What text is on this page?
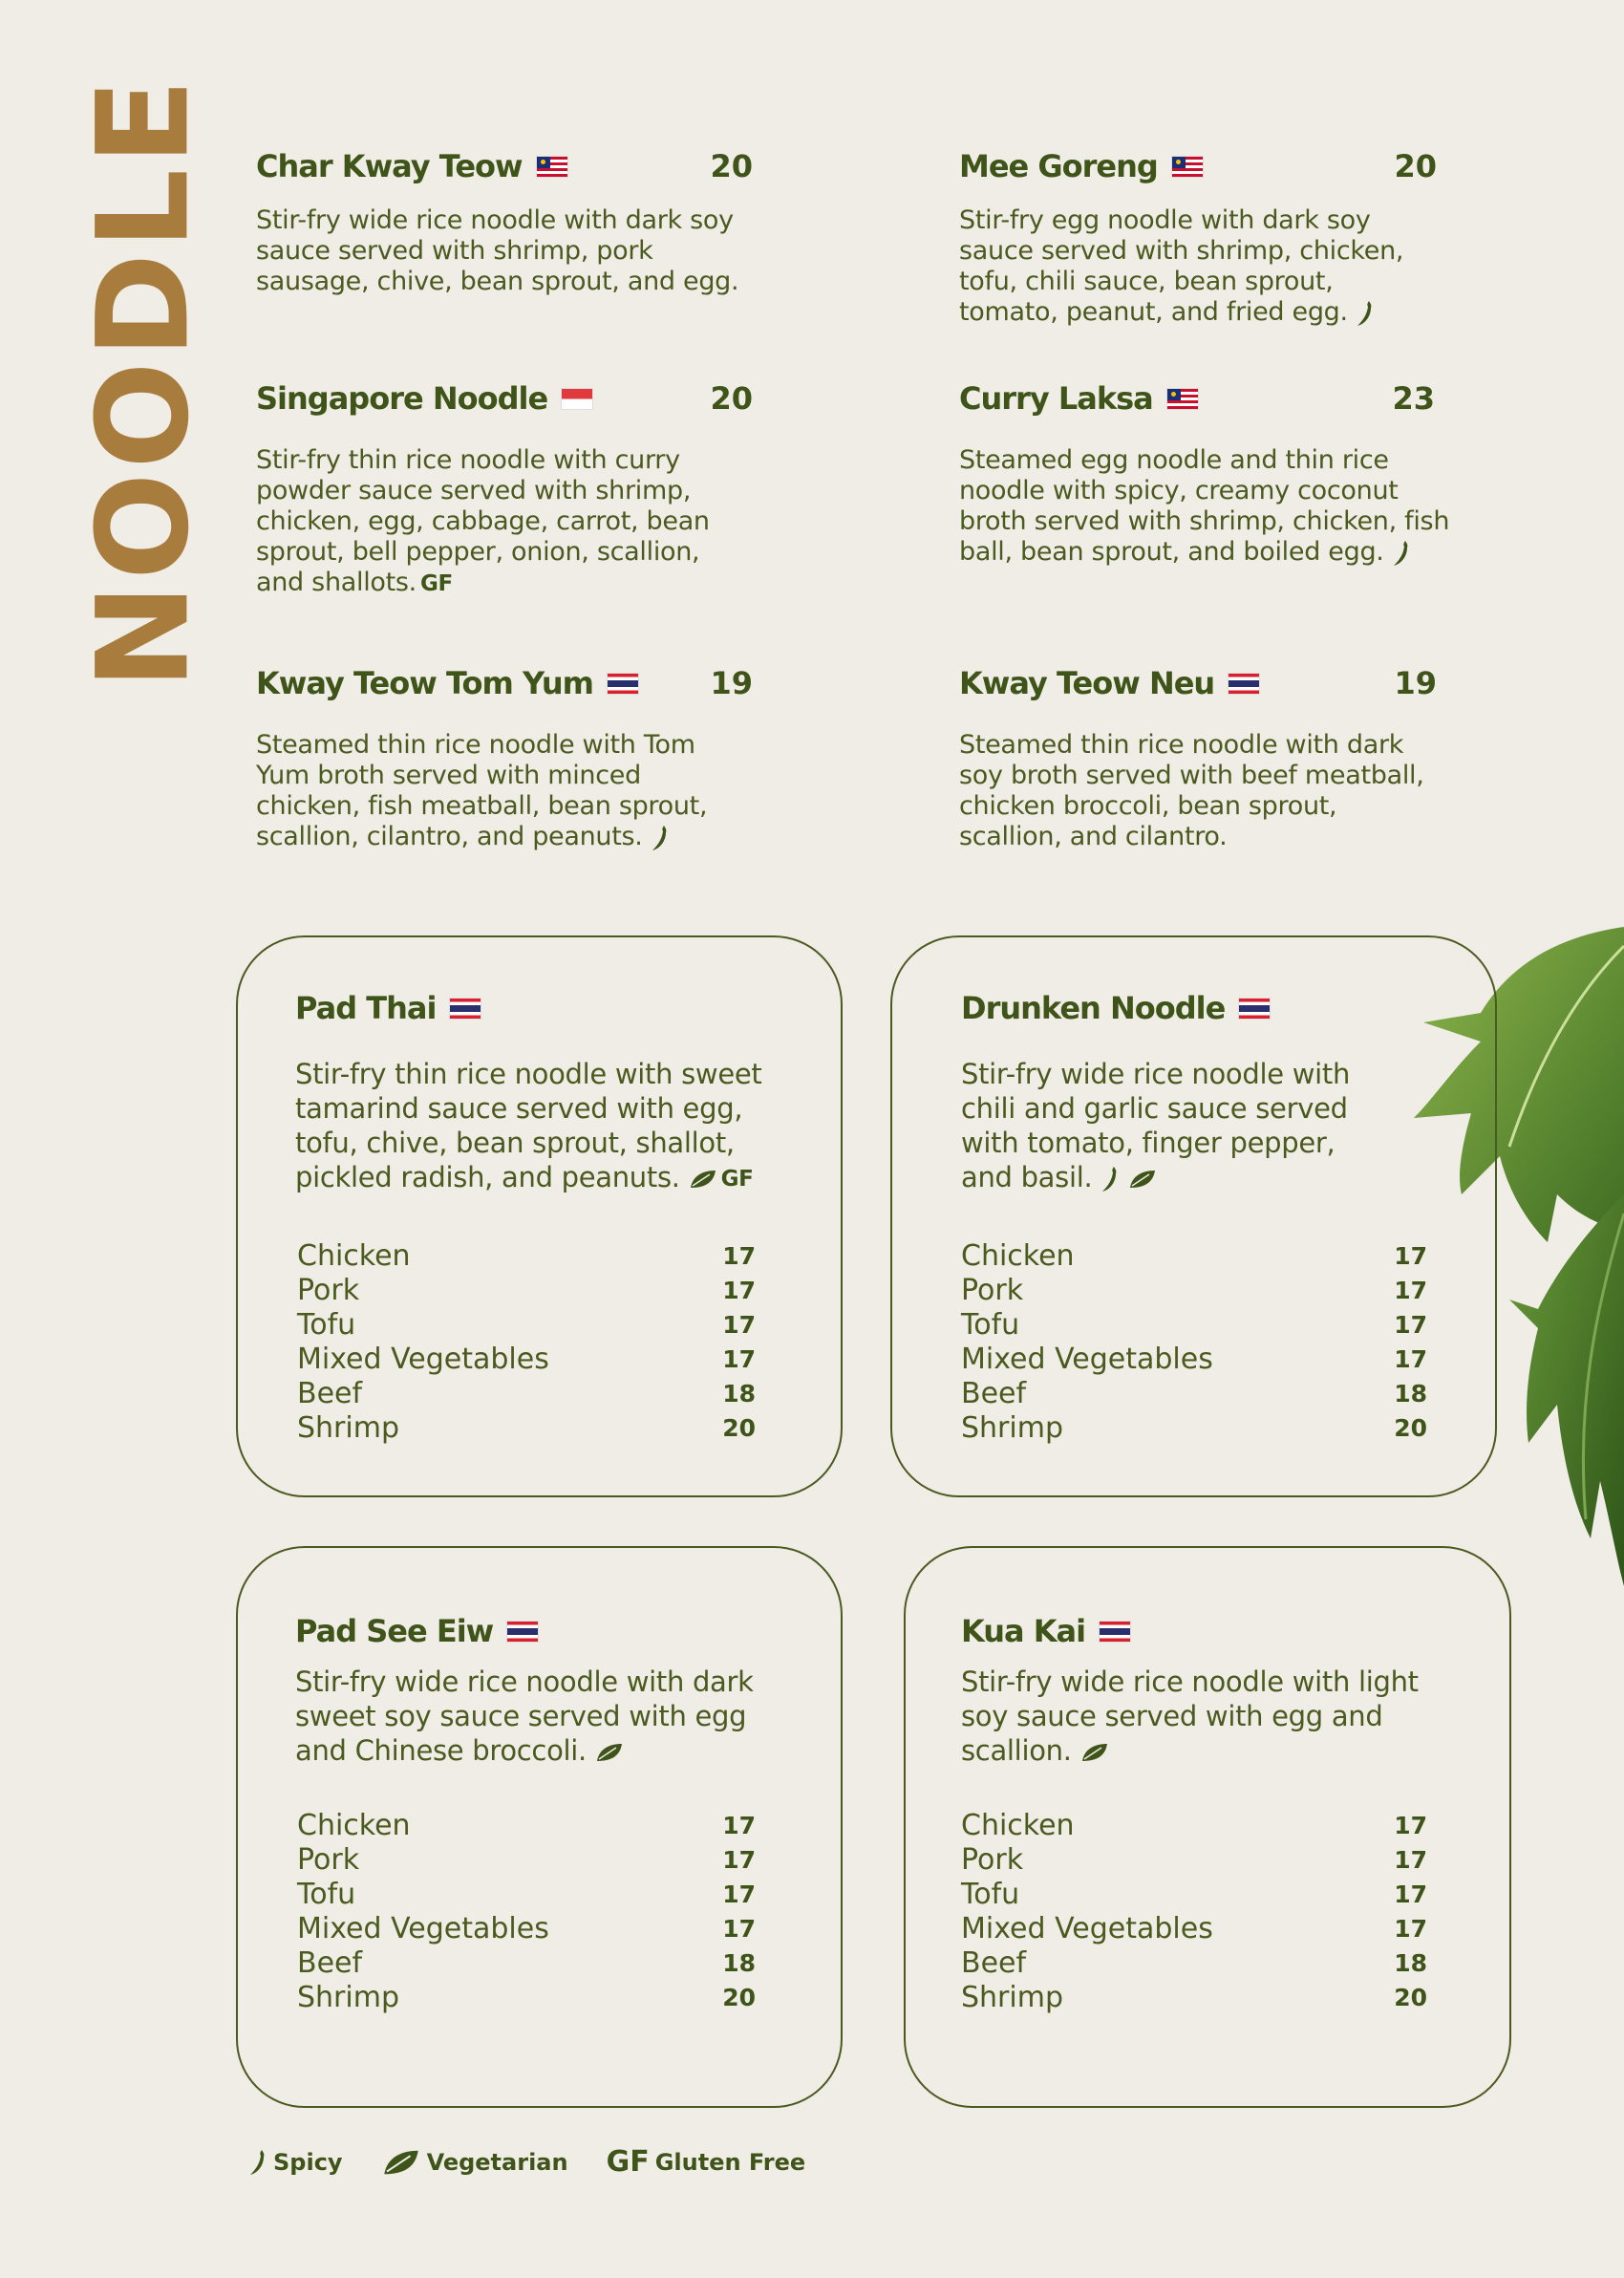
NOODLE Char Kway Teow	20
Stir-fry wide rice noodle with dark soy sauce served with shrimp, pork sausage, chive, bean sprout, and egg.
Mee Goreng	20
Stir-fry egg noodle with dark soy sauce served with shrimp, chicken, tofu, chili sauce, bean sprout, tomato, peanut, and fried egg.
Singapore Noodle	20
Stir-fry thin rice noodle with curry powder sauce served with shrimp, chicken, egg, cabbage, carrot, bean sprout, bell pepper, onion, scallion, and shallots. GF
Curry Laksa	23
Steamed egg noodle and thin rice noodle with spicy, creamy coconut broth served with shrimp, chicken, fish ball, bean sprout, and boiled egg.
Kway Teow Tom Yum	19
Steamed thin rice noodle with Tom Yum broth served with minced chicken, fish meatball, bean sprout, scallion, cilantro, and peanuts.
Kway Teow Neu	19
Steamed thin rice noodle with dark soy broth served with beef meatball, chicken broccoli, bean sprout, scallion, and cilantro.
Pad Thai
Stir-fry thin rice noodle with sweet tamarind sauce served with egg, tofu, chive, bean sprout, shallot, pickled radish, and peanuts. GF
Chicken	17
Pork	17
Tofu	17
Mixed Vegetables	17
Beef	18
Shrimp	20
Drunken Noodle
Stir-fry wide rice noodle with chili and garlic sauce served with tomato, finger pepper, and basil.
Chicken	17
Pork	17
Tofu	17
Mixed Vegetables	17
Beef	18
Shrimp	20
Pad See Eiw
Stir-fry wide rice noodle with dark sweet soy sauce served with egg and Chinese broccoli.
Chicken	17
Pork	17
Tofu	17
Mixed Vegetables	17
Beef	18
Shrimp	20
Kua Kai
Stir-fry wide rice noodle with light soy sauce served with egg and scallion.
Chicken	17
Pork	17
Tofu	17
Mixed Vegetables	17
Beef	18
Shrimp	20
Spicy	Vegetarian GF Gluten Free
